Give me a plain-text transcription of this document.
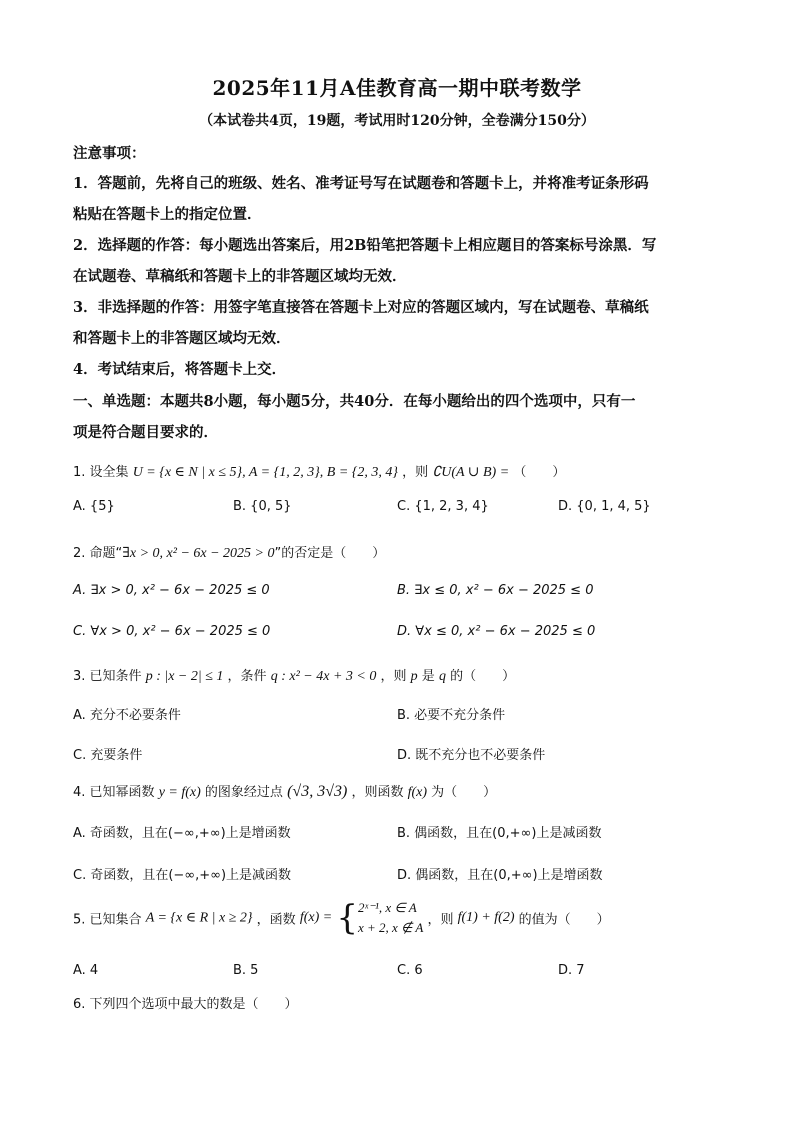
2025年11月A佳教育高一期中联考数学
（本试卷共4页，19题，考试用时120分钟，全卷满分150分）
注意事项：
1．答题前，先将自己的班级、姓名、准考证号写在试题卷和答题卡上，并将准考证条形码
粘贴在答题卡上的指定位置．
2．选择题的作答：每小题选出答案后，用2B铅笔把答题卡上相应题目的答案标号涂黑．写
在试题卷、草稿纸和答题卡上的非答题区域均无效．
3．非选择题的作答：用签字笔直接答在答题卡上对应的答题区域内，写在试题卷、草稿纸
和答题卡上的非答题区域均无效．
4．考试结束后，将答题卡上交．
一、单选题：本题共8小题，每小题5分，共40分．在每小题给出的四个选项中，只有一
项是符合题目要求的．
1. 设全集 U = {x ∈ N | x ≤ 5}, A = {1, 2, 3}, B = {2, 3, 4} ，则 ∁U(A ∪ B) = （　　）
A. {5}	B. {0, 5}	C. {1, 2, 3, 4}	D. {0, 1, 4, 5}
2. 命题“∃x > 0, x² − 6x − 2025 > 0”的否定是（　　）
A. ∃x > 0, x² − 6x − 2025 ≤ 0	B. ∃x ≤ 0, x² − 6x − 2025 ≤ 0
C. ∀x > 0, x² − 6x − 2025 ≤ 0	D. ∀x ≤ 0, x² − 6x − 2025 ≤ 0
3. 已知条件 p : |x − 2| ≤ 1 ，条件 q : x² − 4x + 3 < 0 ，则 p 是 q 的（　　）
A. 充分不必要条件	B. 必要不充分条件
C. 充要条件	D. 既不充分也不必要条件
4. 已知幂函数 y = f(x) 的图象经过点 (√3, 3√3) ，则函数 f(x) 为（　　）
A. 奇函数，且在(−∞,+∞)上是增函数	B. 偶函数，且在(0,+∞)上是减函数
C. 奇函数，且在(−∞,+∞)上是减函数	D. 偶函数，且在(0,+∞)上是增函数
5. 已知集合 A = {x ∈ R | x ≥ 2} ，函数 f(x) = { 2ˣ⁻¹, x ∈ A
x + 2, x ∉ A ，则 f(1) + f(2) 的值为（　　）
A. 4	B. 5	C. 6	D. 7
6. 下列四个选项中最大的数是（　　）
